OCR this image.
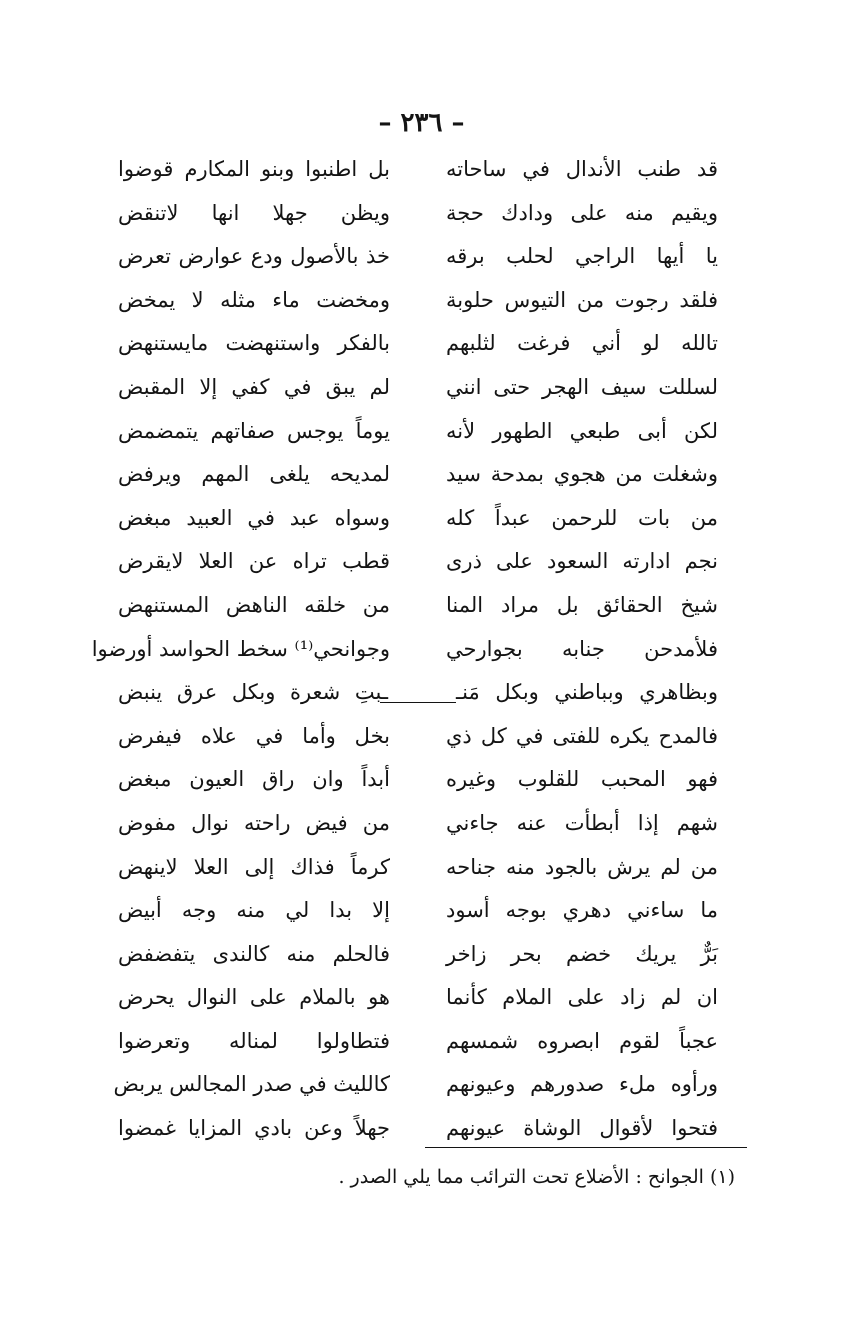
– ٢٣٦ –
قد طنب الأندال في ساحاته
بل اطنبوا وبنو المكارم قوضوا
ويقيم منه على ودادك حجة
ويظن جهلا انها لاتنقض
يا أيها الراجي لحلب برقه
خذ بالأصول ودع عوارض تعرض
فلقد رجوت من التيوس حلوبة
ومخضت ماء مثله لا يمخض
تالله لو أني فرغت لثلبهم
بالفكر واستنهضت مايستنهض
لسللت سيف الهجر حتى انني
لم يبق في كفي إلا المقبض
لكن أبى طبعي الطهور لأنه
يوماً يوجس صفاتهم يتمضمض
وشغلت من هجوي بمدحة سيد
لمديحه يلغى المهم ويرفض
من بات للرحمن عبداً كله
وسواه عبد في العبيد مبغض
نجم ادارته السعود على ذرى
قطب تراه عن العلا لايقرض
شيخ الحقائق بل مراد المنا
من خلقه الناهض المستنهض
فلأمدحن جنابه بجوارحي
وجوانحي⁽¹⁾ سخط الحواسد أورضوا
وبظاهري وبباطني وبكل مَنـ
ـبتِ شعرة وبكل عرق ينبض
فالمدح يكره للفتى في كل ذي
بخل وأما في علاه فيفرض
فهو المحبب للقلوب وغيره
أبداً وان راق العيون مبغض
شهم إذا أبطأت عنه جاءني
من فيض راحته نوال مفوض
من لم يرش بالجود منه جناحه
كرماً فذاك إلى العلا لاينهض
ما ساءني دهري بوجه أسود
إلا بدا لي منه وجه أبيض
بَرٌّ يريك خضم بحر زاخر
فالحلم منه كالندى يتفضفض
ان لم زاد على الملام كأنما
هو بالملام على النوال يحرض
عجباً لقوم ابصروه شمسهم
فتطاولوا لمناله وتعرضوا
ورأوه ملء صدورهم وعيونهم
كالليث في صدر المجالس يربض
فتحوا لأقوال الوشاة عيونهم
جهلاً وعن بادي المزايا غمضوا
(١) الجوانح : الأضلاع تحت الترائب مما يلي الصدر .
